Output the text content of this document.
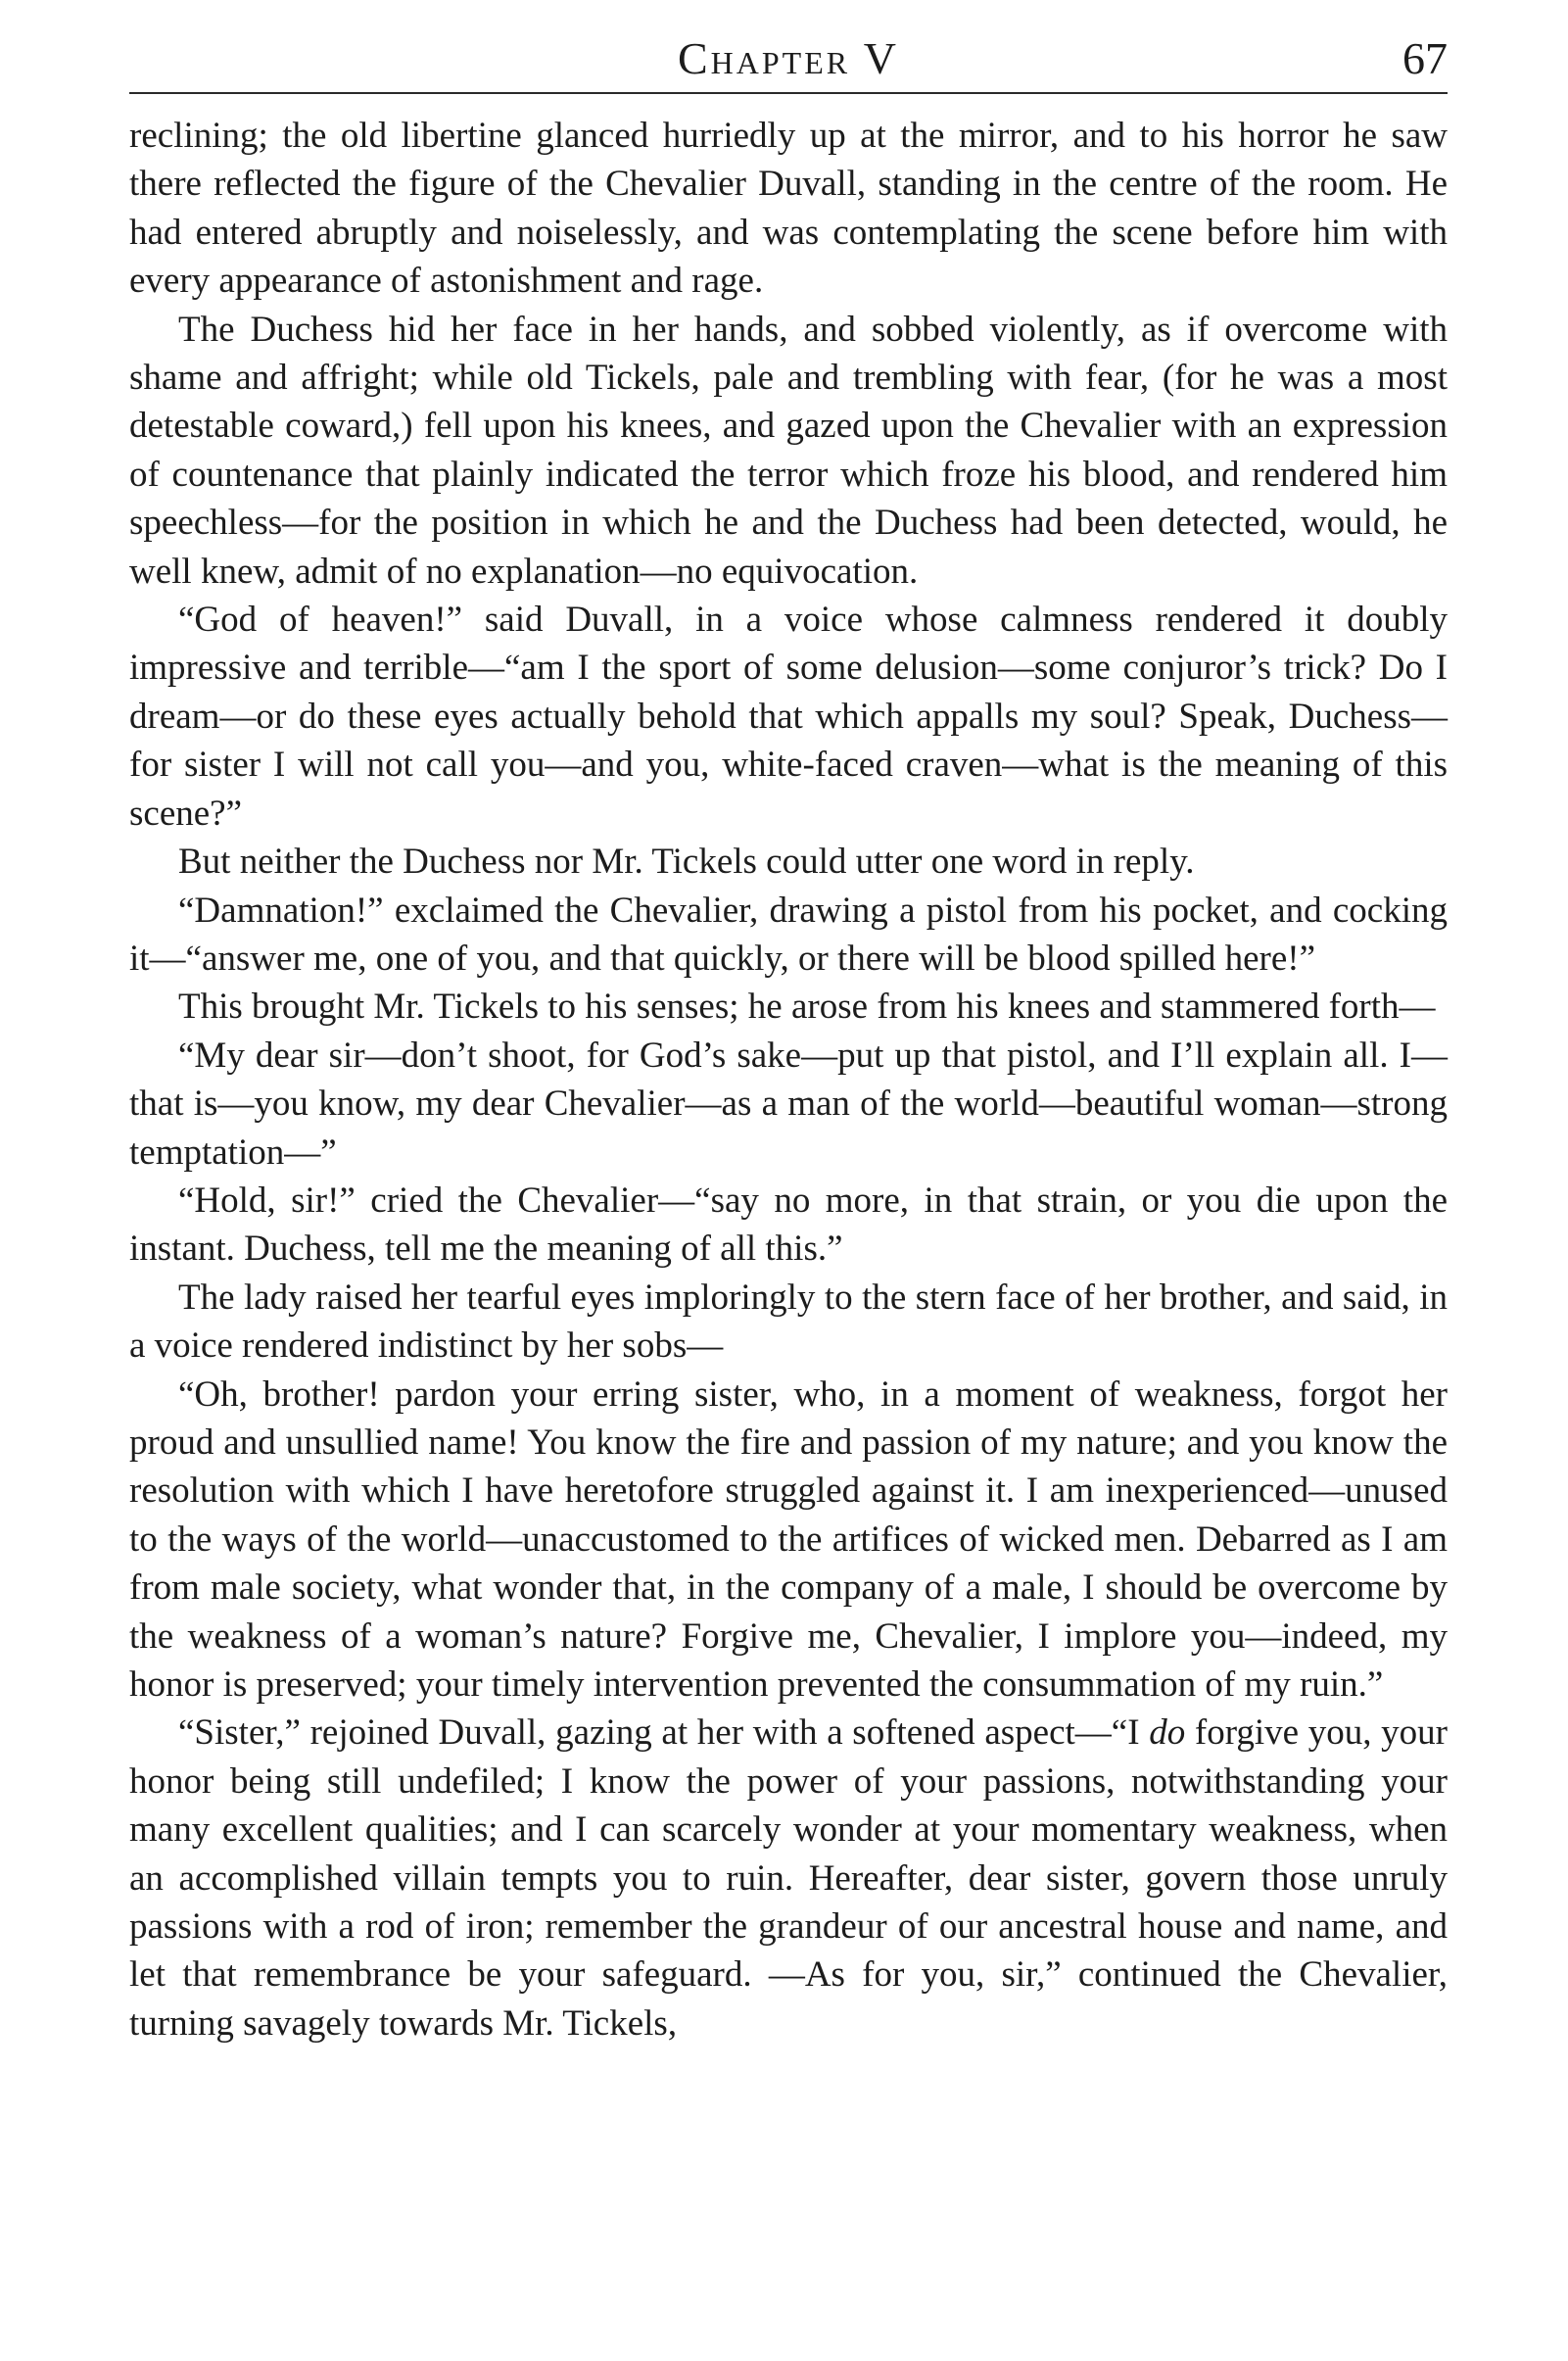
Chapter V	67

reclining; the old libertine glanced hurriedly up at the mirror, and to his horror he saw there reflected the figure of the Chevalier Duvall, standing in the centre of the room. He had entered abruptly and noiselessly, and was contemplating the scene before him with every appearance of astonishment and rage.

The Duchess hid her face in her hands, and sobbed violently, as if overcome with shame and affright; while old Tickels, pale and trembling with fear, (for he was a most detestable coward,) fell upon his knees, and gazed upon the Chevalier with an expression of countenance that plainly indicated the terror which froze his blood, and rendered him speechless—for the position in which he and the Duchess had been detected, would, he well knew, admit of no explanation—no equivocation.

“God of heaven!” said Duvall, in a voice whose calmness rendered it doubly impressive and terrible—“am I the sport of some delusion—some conjuror’s trick? Do I dream—or do these eyes actually behold that which appalls my soul? Speak, Duchess—for sister I will not call you—and you, white-faced craven—what is the meaning of this scene?”

But neither the Duchess nor Mr. Tickels could utter one word in reply.

“Damnation!” exclaimed the Chevalier, drawing a pistol from his pocket, and cocking it—“answer me, one of you, and that quickly, or there will be blood spilled here!”

This brought Mr. Tickels to his senses; he arose from his knees and stammered forth—

“My dear sir—don’t shoot, for God’s sake—put up that pistol, and I’ll explain all. I—that is—you know, my dear Chevalier—as a man of the world—beautiful woman—strong temptation—”

“Hold, sir!” cried the Chevalier—“say no more, in that strain, or you die upon the instant. Duchess, tell me the meaning of all this.”

The lady raised her tearful eyes imploringly to the stern face of her brother, and said, in a voice rendered indistinct by her sobs—

“Oh, brother! pardon your erring sister, who, in a moment of weakness, forgot her proud and unsullied name! You know the fire and passion of my nature; and you know the resolution with which I have heretofore struggled against it. I am inexperienced—unused to the ways of the world—unaccustomed to the artifices of wicked men. Debarred as I am from male society, what wonder that, in the company of a male, I should be overcome by the weakness of a woman’s nature? Forgive me, Chevalier, I implore you—indeed, my honor is preserved; your timely intervention prevented the consummation of my ruin.”

“Sister,” rejoined Duvall, gazing at her with a softened aspect—“I do forgive you, your honor being still undefiled; I know the power of your passions, notwithstanding your many excellent qualities; and I can scarcely wonder at your momentary weakness, when an accomplished villain tempts you to ruin. Hereafter, dear sister, govern those unruly passions with a rod of iron; remember the grandeur of our ancestral house and name, and let that remembrance be your safeguard. —As for you, sir,” continued the Chevalier, turning savagely towards Mr. Tickels,
